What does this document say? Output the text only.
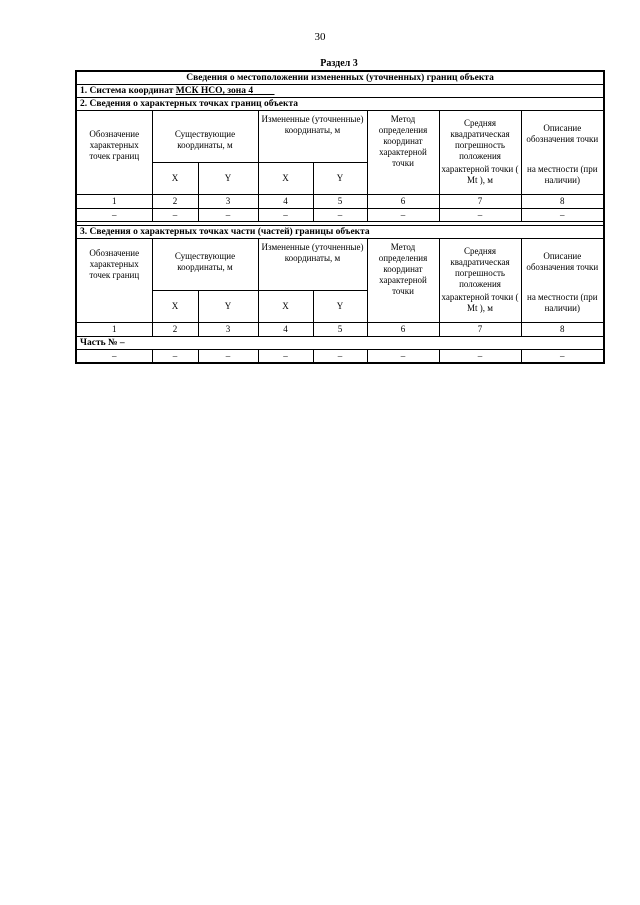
30
Раздел 3
Сведения о местоположении измененных (уточненных) границ объекта							
1. Система координат МСК НСО, зона 4							
2. Сведения о характерных точках границ объекта							
Обозначение характерных точек границ	Существующие координаты, м		Измененные (уточненные) координаты, м		Метод определения координат характерной точки	Средняя квадратическая погрешность положения	Описание обозначения точки
	X	Y	X	Y		характерной точки ( Mt ), м	на местности (при наличии)
1	2	3	4	5	6	7	8
–	–	–	–	–	–	–	–

3. Сведения о характерных точках части (частей) границы объекта							
Обозначение характерных точек границ	Существующие координаты, м		Измененные (уточненные) координаты, м		Метод определения координат характерной точки	Средняя квадратическая погрешность положения	Описание обозначения точки
	X	Y	X	Y		характерной точки ( Mt ), м	на местности (при наличии)
1	2	3	4	5	6	7	8
Часть № –							
–	–	–	–	–	–	–	–
